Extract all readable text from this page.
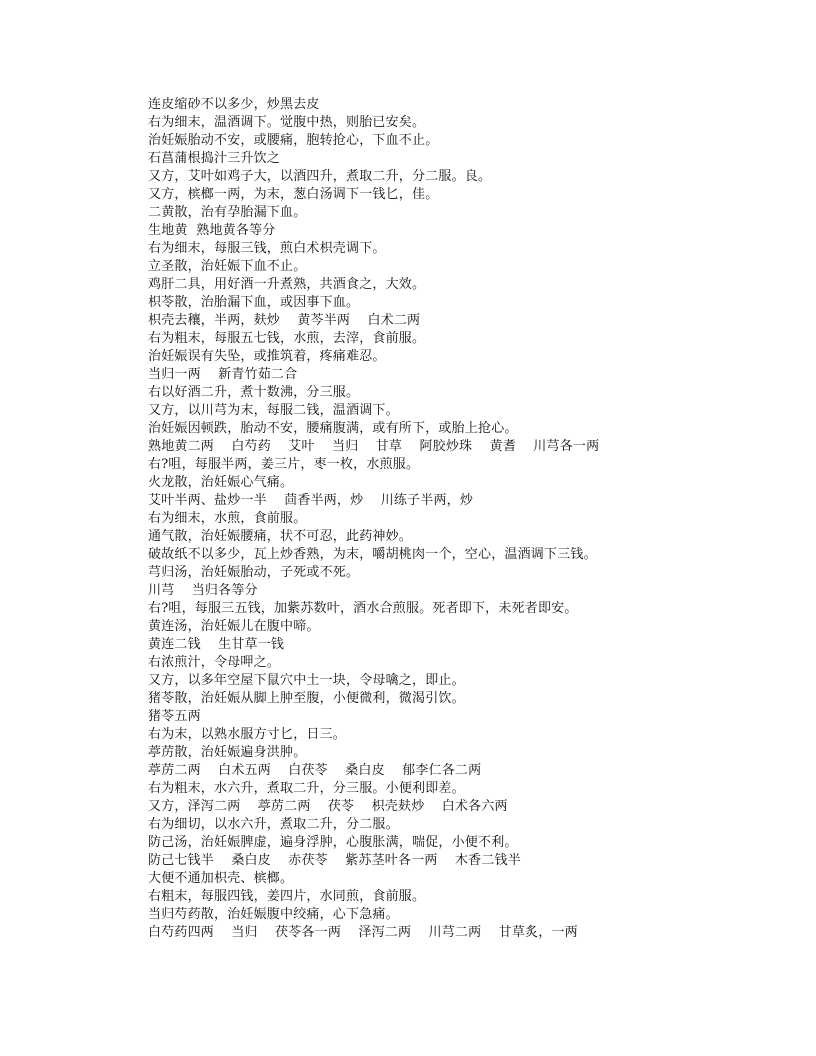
连皮缩砂不以多少，炒黑去皮
右为细末，温酒调下。觉腹中热，则胎已安矣。
治妊娠胎动不安，或腰痛，胞转抢心，下血不止。
石菖蒲根捣汁三升饮之
又方，艾叶如鸡子大，以酒四升，煮取二升，分二服。良。
又方，槟榔一两，为末，葱白汤调下一钱匕，佳。
二黄散，治有孕胎漏下血。
生地黄  熟地黄各等分
右为细末，每服三钱，煎白术枳壳调下。
立圣散，治妊娠下血不止。
鸡肝二具，用好酒一升煮熟，共酒食之，大效。
枳苓散，治胎漏下血，或因事下血。
枳壳去穰，半两，麸炒    黄芩半两    白术二两
右为粗末，每服五七钱，水煎，去滓，食前服。
治妊娠误有失坠，或推筑着，疼痛难忍。
当归一两    新青竹茹二合
右以好酒二升，煮十数沸，分三服。
又方，以川芎为末，每服二钱，温酒调下。
治妊娠因顿跌，胎动不安，腰痛腹满，或有所下，或胎上抢心。
熟地黄二两    白芍药    艾叶    当归    甘草    阿胶炒珠    黄耆    川芎各一两
右?咀，每服半两，姜三片，枣一枚，水煎服。
火龙散，治妊娠心气痛。
艾叶半两、盐炒一半    茴香半两，炒    川练子半两，炒
右为细末，水煎，食前服。
通气散，治妊娠腰痛，状不可忍，此药神妙。
破故纸不以多少，瓦上炒香熟，为末，嚼胡桃肉一个，空心，温酒调下三钱。
芎归汤，治妊娠胎动，子死或不死。
川芎    当归各等分
右?咀，每服三五钱，加紫苏数叶，酒水合煎服。死者即下，未死者即安。
黄连汤，治妊娠儿在腹中啼。
黄连二钱    生甘草一钱
右浓煎汁，令母呷之。
又方，以多年空屋下鼠穴中土一块，令母噙之，即止。
猪苓散，治妊娠从脚上肿至腹，小便微利，微渴引饮。
猪苓五两
右为末，以熟水服方寸匕，日三。
葶苈散，治妊娠遍身洪肿。
葶苈二两    白术五两    白茯苓    桑白皮    郁李仁各二两
右为粗末，水六升，煮取二升，分三服。小便利即差。
又方，泽泻二两    葶苈二两    茯苓    枳壳麸炒    白术各六两
右为细切，以水六升，煮取二升，分二服。
防己汤，治妊娠脾虚，遍身浮肿，心腹胀满，喘促，小便不利。
防己七钱半    桑白皮    赤茯苓    紫苏茎叶各一两    木香二钱半
大便不通加枳壳、槟榔。
右粗末，每服四钱，姜四片，水同煎，食前服。
当归芍药散，治妊娠腹中绞痛，心下急痛。
白芍药四两    当归    茯苓各一两    泽泻二两    川芎二两    甘草炙，一两
